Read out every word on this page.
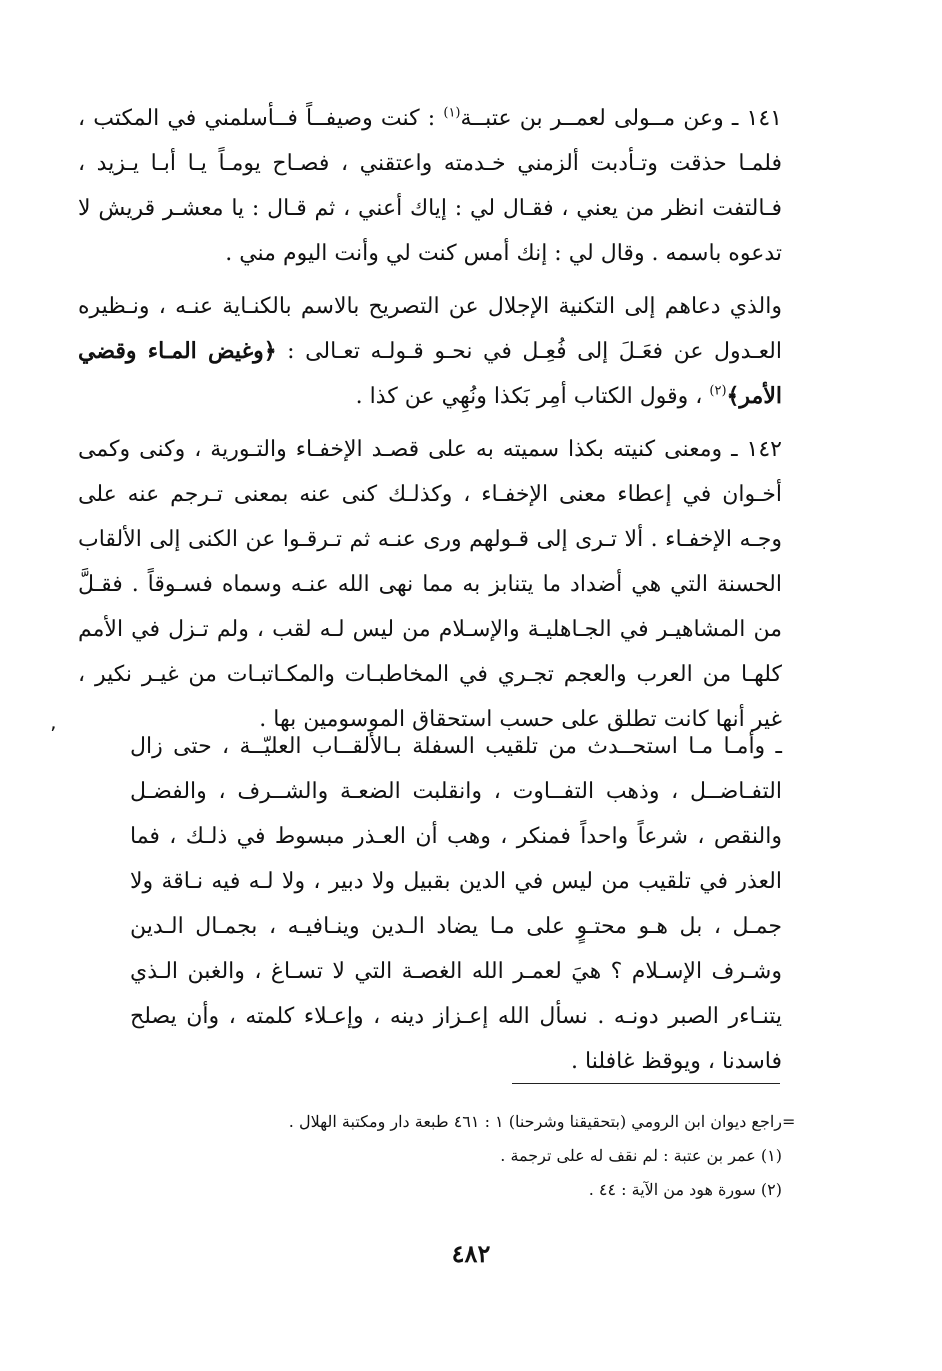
١٤١ ـ وعن مــولى لعمــر بن عتبــة$^{(١)}$ : كنت وصيفــاً فــأسلمني في المكتب ، فلمـا حذقت وتـأدبت ألزمني خـدمته واعتقني ، فصـاح يومـاً يـا أبـا يـزيد ، فـالتفت انظر من يعني ، فقـال لي : إياك أعني ، ثم قـال : يا معشـر قريش لا تدعوه باسمه . وقال لي : إنك أمس كنت لي وأنت اليوم مني .

والذي دعاهم إلى التكنية الإجلال عن التصريح بالاسم بالكنـاية عنـه ، ونـظيره العـدول عن فعَـلَ إلى فُعِـل في نحـو قـولـه تعـالى : ﴿وغيض المـاء وقضي الأمر﴾$^{(٢)}$ ، وقول الكتاب أمِر بَكذا ونُهِي عن كذا .

١٤٢ ـ ومعنى كنيته بكذا سميته به على قصـد الإخفـاء والتـورية ، وكنى وكمى أخـوان في إعطاء معنى الإخفـاء ، وكذلـك كنى عنه بمعنى تـرجم عنه على وجـه الإخفـاء . ألا تـرى إلى قـولهم ورى عنـه ثم تـرقـوا عن الكنى إلى الألقاب الحسنة التي هي أضداد ما يتنابز به مما نهى الله عنـه وسماه فسـوقاً . فقـلَّ من المشاهيـر في الجـاهليـة والإسـلام من ليس لـه لقب ، ولم تـزل في الأمم كلهـا من العرب والعجم تجـري في المخاطبـات والمكـاتبـات من غيـر نكير ، غير أنها كانت تطلق على حسب استحقاق الموسومين بها .

ـ وأمـا مـا استحــدث من تلقيب السفلة بـالألقــاب العليّــة ، حتى زال التفـاضــل ، وذهب التفــاوت ، وانقلبت الضعـة والشــرف ، والفضـل والنقص ، شرعاً واحداً فمنكر ، وهب أن العـذر مبسوط في ذلـك ، فما العذر في تلقيب من ليس في الدين بقبيل ولا دبير ، ولا لـه فيه نـاقة ولا جمـل ، بل هـو محتـوٍ على مـا يضاد الـدين وينـافيـه ، بجمـال الـدين وشـرف الإسـلام ؟ هيَ لعمـر الله الغصـة التي لا تسـاغ ، والغبن الـذي يتنـاءر الصبر دونـه . نسأل الله إعـزاز دينه ، وإعـلاء كلمته ، وأن يصلح فاسدنا ، ويوقظ غافلنا .

٬
=

راجع ديوان ابن الرومي (بتحقيقنا وشرحنا) ١ : ٤٦١ طبعة دار ومكتبة الهلال .

(١) عمر بن عتبة : لم نقف له على ترجمة .

(٢) سورة هود من الآية : ٤٤ .

٤٨٢
